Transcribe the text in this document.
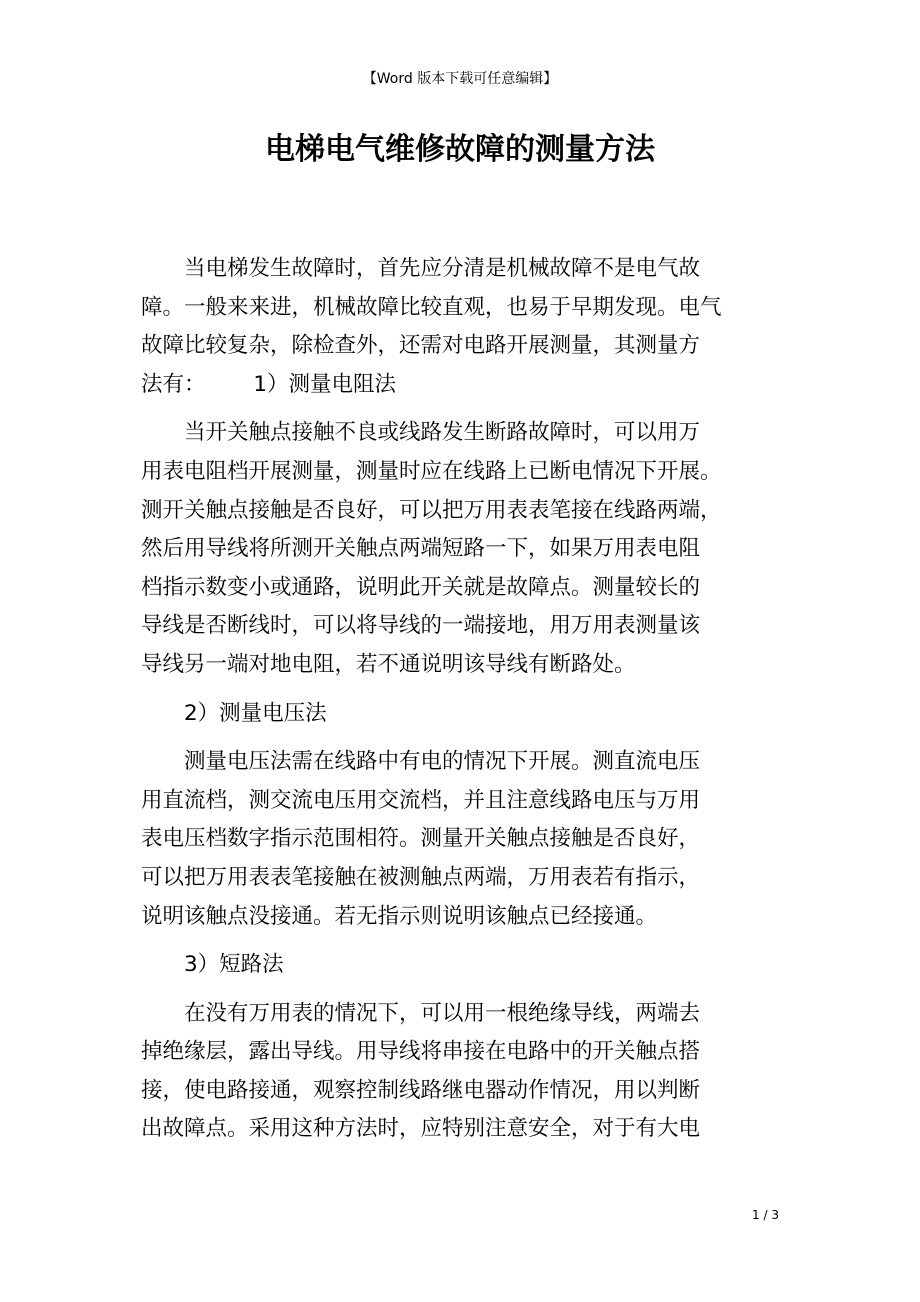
【Word 版本下载可任意编辑】
电梯电气维修故障的测量方法

当电梯发生故障时，首先应分清是机械故障不是电气故
障。一般来来进，机械故障比较直观，也易于早期发现。电气
故障比较复杂，除检查外，还需对电路开展测量，其测量方
法有：       1）测量电阻法

当开关触点接触不良或线路发生断路故障时，可以用万
用表电阻档开展测量，测量时应在线路上已断电情况下开展。
测开关触点接触是否良好，可以把万用表表笔接在线路两端，
然后用导线将所测开关触点两端短路一下，如果万用表电阻
档指示数变小或通路，说明此开关就是故障点。测量较长的
导线是否断线时，可以将导线的一端接地，用万用表测量该
导线另一端对地电阻，若不通说明该导线有断路处。

2）测量电压法

测量电压法需在线路中有电的情况下开展。测直流电压
用直流档，测交流电压用交流档，并且注意线路电压与万用
表电压档数字指示范围相符。测量开关触点接触是否良好，
可以把万用表表笔接触在被测触点两端，万用表若有指示，
说明该触点没接通。若无指示则说明该触点已经接通。

3）短路法

在没有万用表的情况下，可以用一根绝缘导线，两端去
掉绝缘层，露出导线。用导线将串接在电路中的开关触点搭
接，使电路接通，观察控制线路继电器动作情况，用以判断
出故障点。采用这种方法时，应特别注意安全，对于有大电

1 / 3
